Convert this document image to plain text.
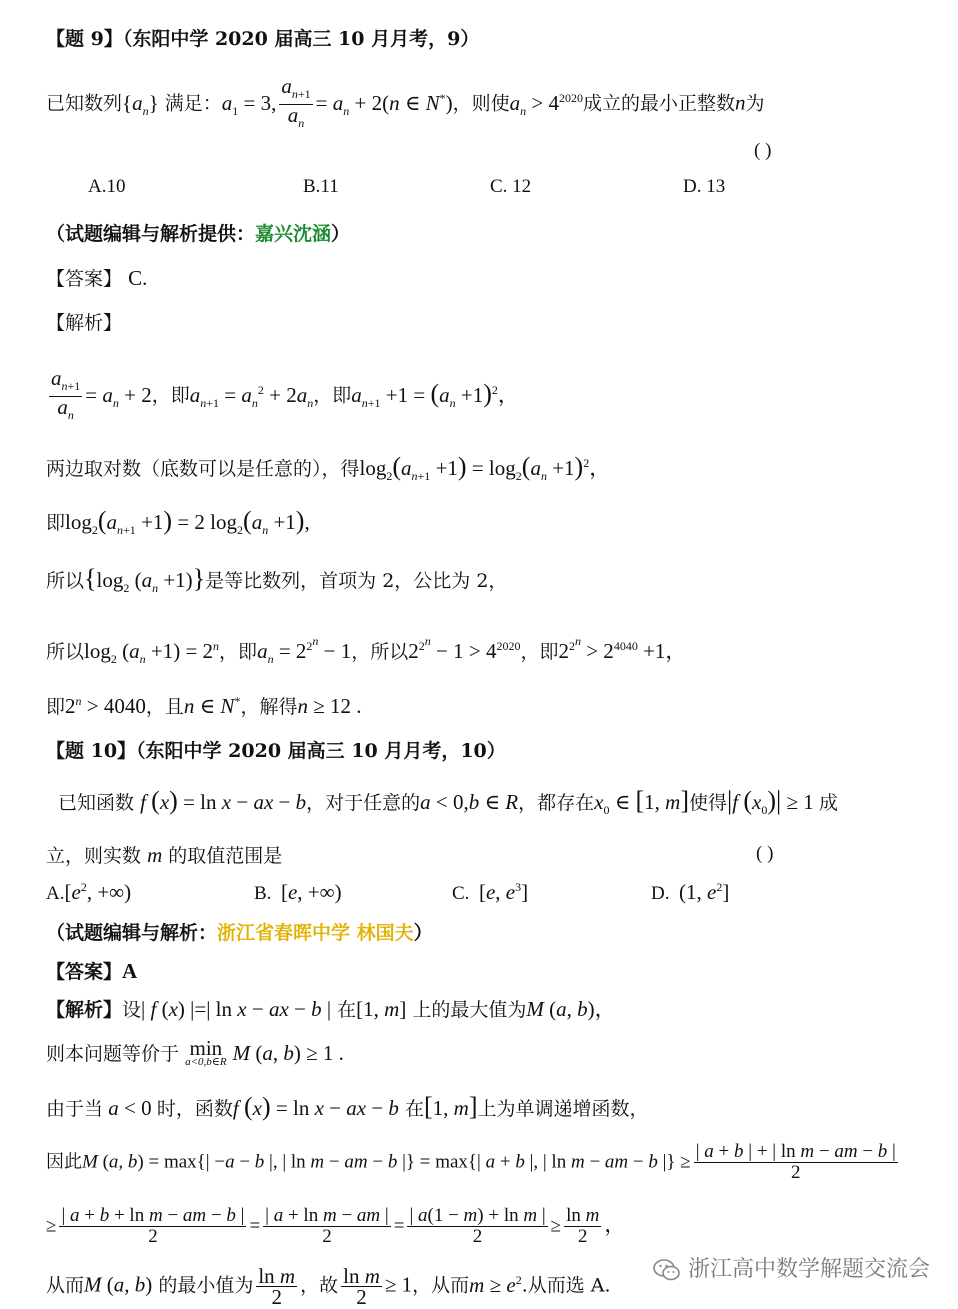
【题 9】（东阳中学 2020 届高三 10 月月考，9）
已知数列$\{a_n\}$ 满足：$a_1 = 3$, $\frac{a_{n+1}}{a_n} = a_n + 2(n$ ∈ N*)，则使$a_n > 4^{2020}$成立的最小正整数n为
( )
A.10	B.11	C. 12	D. 13
（试题编辑与解析提供：嘉兴沈涵）
【答案】 C.
【解析】
$\frac{a_{n+1}}{a_n} = a_n + 2$，即$a_{n+1} = a_n^2 + 2a_n$，即$a_{n+1} +1 = (a_n +1)^2$，
两边取对数（底数可以是任意的），得$\log_2(a_{n+1} +1) = \log_2(a_n +1)^2$，
即$\log_2(a_{n+1} +1) = 2$ $\log_2(a_n +1)$,
所以{$\log_2$ $(a_n +1)$}是等比数列，首项为 2，公比为 2，
所以$\log_2 (a_n +1) = 2^n$，即$a_n = 2^{2^n} - 1$，所以$2^{2^n} - 1 > 4^{2020}$，即$2^{2^n} > 2^{4040} +1$，
即$2^n > 4040$，且n ∈ N*，解得n ≥ 12 .
【题 10】（东阳中学 2020 届高三 10 月月考，10）
已知函数 f (x) = ln x − ax − b，对于任意的a < 0,b ∈ R，都存在$x_0$ ∈ [1, m]使得|f $(x_0)| \ge 1$ 成
立，则实数 m 的取值范围是	( )
$A.[e^2$, +∞)	B. [e, +∞)	C. [e, $e^3$]	D. (1, $e^2$]
（试题编辑与解析：浙江省春晖中学 林国夫）
【答案】A
【解析】设| f (x) |=| ln x − ax − b | 在[1, m] 上的最大值为M (a, b)，
则本问题等价于 min
a<0,b∈R M (a, b) ≥ 1 .
由于当 a < 0 时，函数f (x) = ln x − ax − b 在[1, m]上为单调递增函数，
因此M (a, b) = max{| −a − b |, | ln m − am − b |} = max{| a + b |, | ln m − am − b |} ≥ $\frac{\text{| a + b | + | ln m − am − b |}}{2}$
≥ $\frac{\text{| a + b + ln m − am − b |}}{2} = \frac{\text{| a + ln m − am |}}{2} = \frac{\text{| a(1 − m) + ln m |}}{2} \ge \frac{\text{ln m}}{2}$ ，
从而M (a, b) 的最小值为 $\frac{\text{ln m}}{2}$ ，故 $\frac{\text{ln m}}{2} \ge 1$，从而$m \ge e^2$.从而选 A.
浙江高中数学解题交流会
